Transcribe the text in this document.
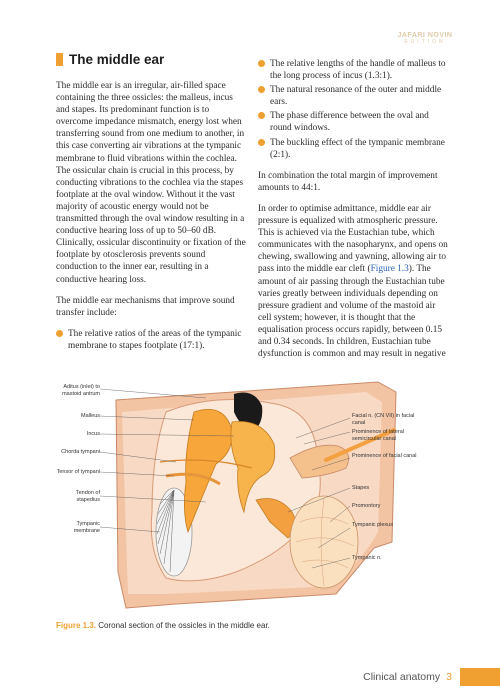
The middle ear

The middle ear is an irregular, air-filled space containing the three ossicles: the malleus, incus and stapes. Its predominant function is to overcome impedance mismatch, energy lost when transferring sound from one medium to another, in this case converting air vibrations at the tympanic membrane to fluid vibrations within the cochlea. The ossicular chain is crucial in this process, by conducting vibrations to the cochlea via the stapes footplate at the oval window. Without it the vast majority of acoustic energy would not be transmitted through the oval window resulting in a conductive hearing loss of up to 50–60 dB. Clinically, ossicular discontinuity or fixation of the footplate by otosclerosis prevents sound conduction to the inner ear, resulting in a conductive hearing loss.

The middle ear mechanisms that improve sound transfer include:

The relative ratios of the areas of the tympanic membrane to stapes footplate (17:1).
The relative lengths of the handle of malleus to the long process of incus (1.3:1).
The natural resonance of the outer and middle ears.
The phase difference between the oval and round windows.
The buckling effect of the tympanic membrane (2:1).

In combination the total margin of improvement amounts to 44:1.

In order to optimise admittance, middle ear air pressure is equalized with atmospheric pressure. This is achieved via the Eustachian tube, which communicates with the nasopharynx, and opens on chewing, swallowing and yawning, allowing air to pass into the middle ear cleft (Figure 1.3). The amount of air passing through the Eustachian tube varies greatly between individuals depending on pressure gradient and volume of the mastoid air cell system; however, it is thought that the equalisation process occurs rapidly, between 0.15 and 0.34 seconds. In children, Eustachian tube dysfunction is common and may result in negative

Aditus (inlet) to mastoid antrum
Malleus
Incus
Chorda tympani
Tensor of tympani
Tendon of stapedius
Tympanic membrane
Facial n. (CN VII) in facial canal
Prominence of lateral semicircular canal
Prominence of facial canal
Stapes
Promontory
Tympanic plexus
Tympanic n.
Figure 1.3. Coronal section of the ossicles in the middle ear.
Clinical anatomy 3
JAFARI NOVIN
EDITION
